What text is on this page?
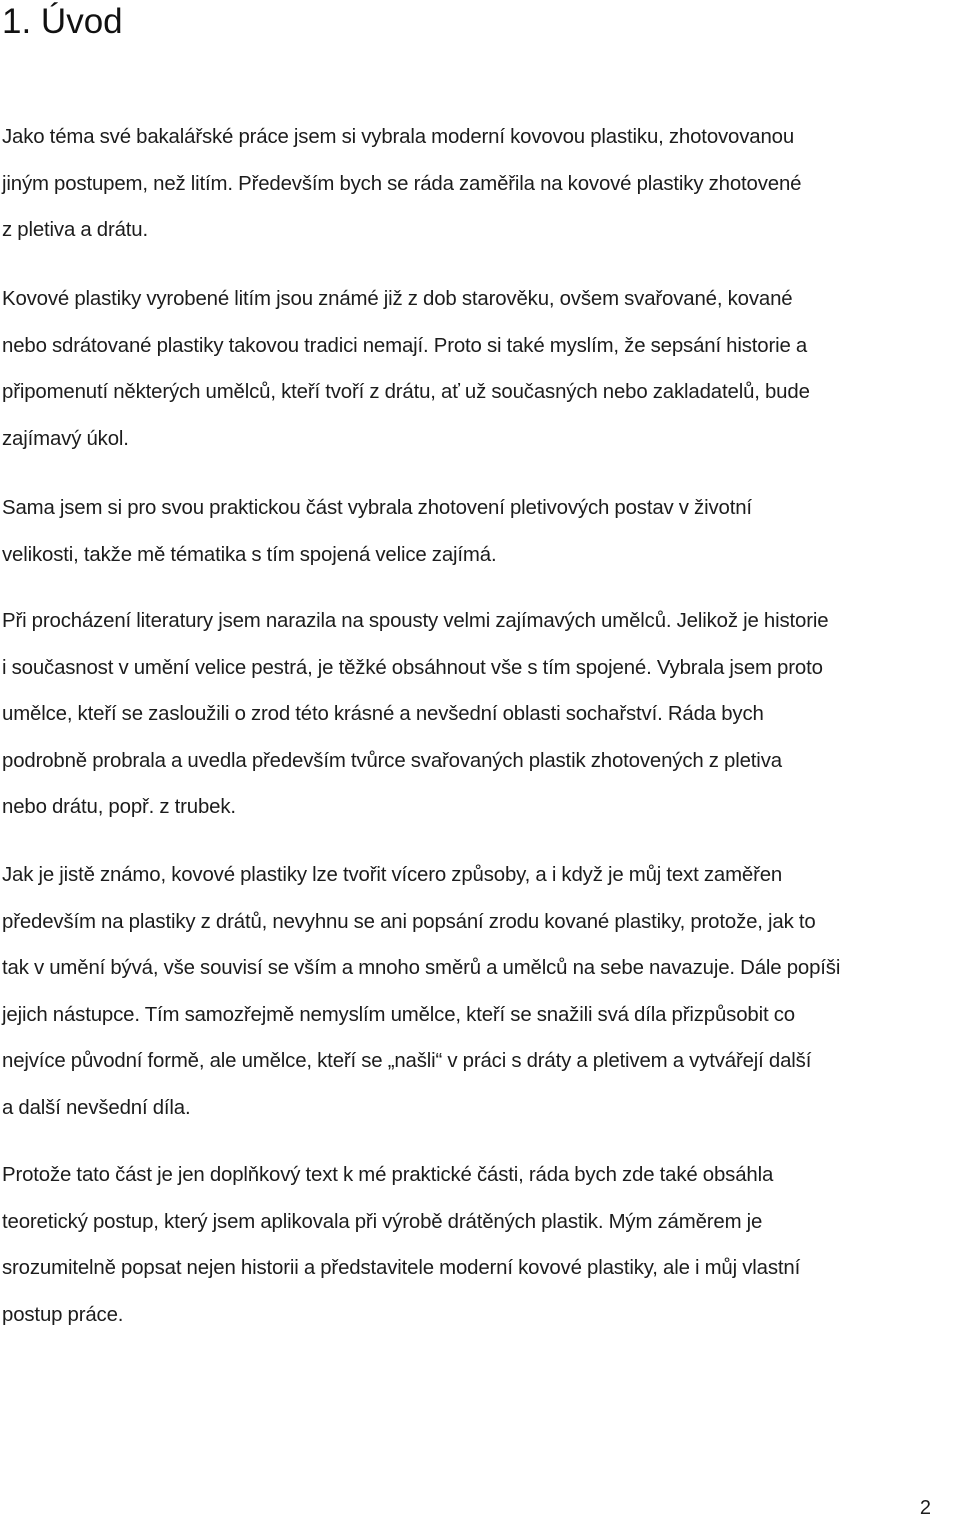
1. Úvod

Jako téma své bakalářské práce jsem si vybrala moderní kovovou plastiku, zhotovovanou
jiným postupem, než litím. Především bych se ráda zaměřila na kovové plastiky zhotovené
z pletiva a drátu.

Kovové plastiky vyrobené litím jsou známé již z dob starověku, ovšem svařované, kované
nebo sdrátované plastiky takovou tradici nemají. Proto si také myslím, že sepsání historie a
připomenutí některých umělců, kteří tvoří z drátu, ať už současných nebo zakladatelů, bude
zajímavý úkol.

Sama jsem si pro svou praktickou část vybrala zhotovení pletivových postav v životní
velikosti, takže mě tématika s tím spojená velice zajímá.

Při procházení literatury jsem narazila na spousty velmi zajímavých umělců. Jelikož je historie
i současnost v umění velice pestrá, je těžké obsáhnout vše s tím spojené. Vybrala jsem proto
umělce, kteří se zasloužili o zrod této krásné a nevšední oblasti sochařství. Ráda bych
podrobně probrala a uvedla především tvůrce svařovaných plastik zhotovených z pletiva
nebo drátu, popř. z trubek.

Jak je jistě známo, kovové plastiky lze tvořit vícero způsoby, a i když je můj text zaměřen
především na plastiky z drátů, nevyhnu se ani popsání zrodu kované plastiky, protože, jak to
tak v umění bývá, vše souvisí se vším a mnoho směrů a umělců na sebe navazuje. Dále popíši
jejich nástupce. Tím samozřejmě nemyslím umělce, kteří se snažili svá díla přizpůsobit co
nejvíce původní formě, ale umělce, kteří se „našli“ v práci s dráty a pletivem a vytvářejí další
a další nevšední díla.

Protože tato část je jen doplňkový text k mé praktické části, ráda bych zde také obsáhla
teoretický postup, který jsem aplikovala při výrobě drátěných plastik. Mým záměrem je
srozumitelně popsat nejen historii a představitele moderní kovové plastiky, ale i můj vlastní
postup práce.

2
